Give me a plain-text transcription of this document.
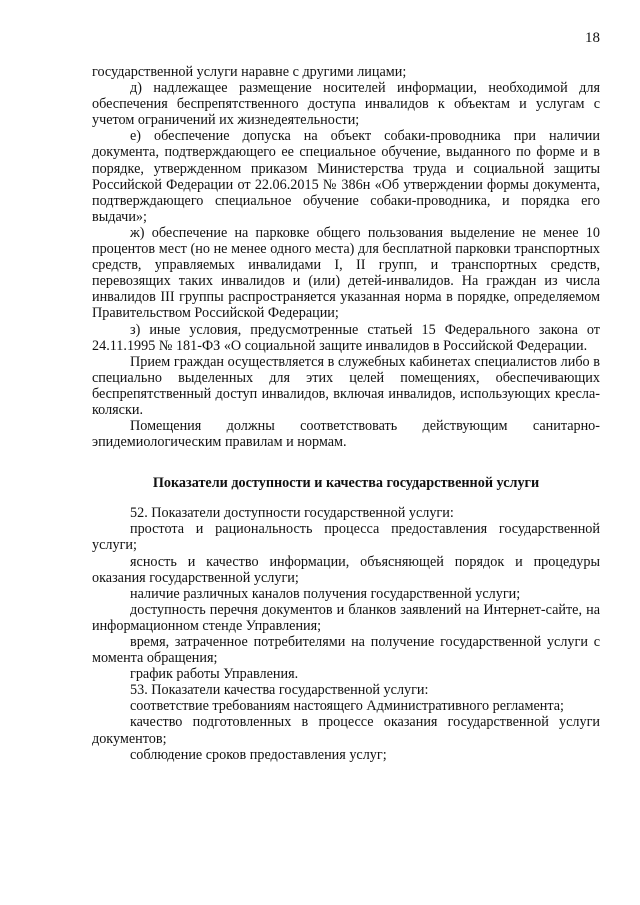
18

государственной услуги наравне с другими лицами;

д) надлежащее размещение носителей информации, необходимой для обеспечения беспрепятственного доступа инвалидов к объектам и услугам с учетом ограничений их жизнедеятельности;

е) обеспечение допуска на объект собаки-проводника при наличии документа, подтверждающего ее специальное обучение, выданного по форме и в порядке, утвержденном приказом Министерства труда и социальной защиты Российской Федерации от 22.06.2015 № 386н «Об утверждении формы документа, подтверждающего специальное обучение собаки-проводника, и порядка его выдачи»;

ж) обеспечение на парковке общего пользования выделение не менее 10 процентов мест (но не менее одного места) для бесплатной парковки транспортных средств, управляемых инвалидами I, II групп, и транспортных средств, перевозящих таких инвалидов и (или) детей-инвалидов. На граждан из числа инвалидов III группы распространяется указанная норма в порядке, определяемом Правительством Российской Федерации;

з) иные условия, предусмотренные статьей 15 Федерального закона от 24.11.1995 № 181-ФЗ «О социальной защите инвалидов в Российской Федерации.

Прием граждан осуществляется в служебных кабинетах специалистов либо в специально выделенных для этих целей помещениях, обеспечивающих беспрепятственный доступ инвалидов, включая инвалидов, использующих кресла-коляски.

Помещения должны соответствовать действующим санитарно-эпидемиологическим правилам и нормам.

Показатели доступности и качества государственной услуги

52. Показатели доступности государственной услуги:

простота и рациональность процесса предоставления государственной услуги;

ясность и качество информации, объясняющей порядок и процедуры оказания государственной услуги;

наличие различных каналов получения государственной услуги;

доступность перечня документов и бланков заявлений на Интернет-сайте, на информационном стенде Управления;

время, затраченное потребителями на получение государственной услуги с момента обращения;

график работы Управления.

53. Показатели качества государственной услуги:

соответствие требованиям настоящего Административного регламента;

качество подготовленных в процессе оказания государственной услуги документов;

соблюдение сроков предоставления услуг;
